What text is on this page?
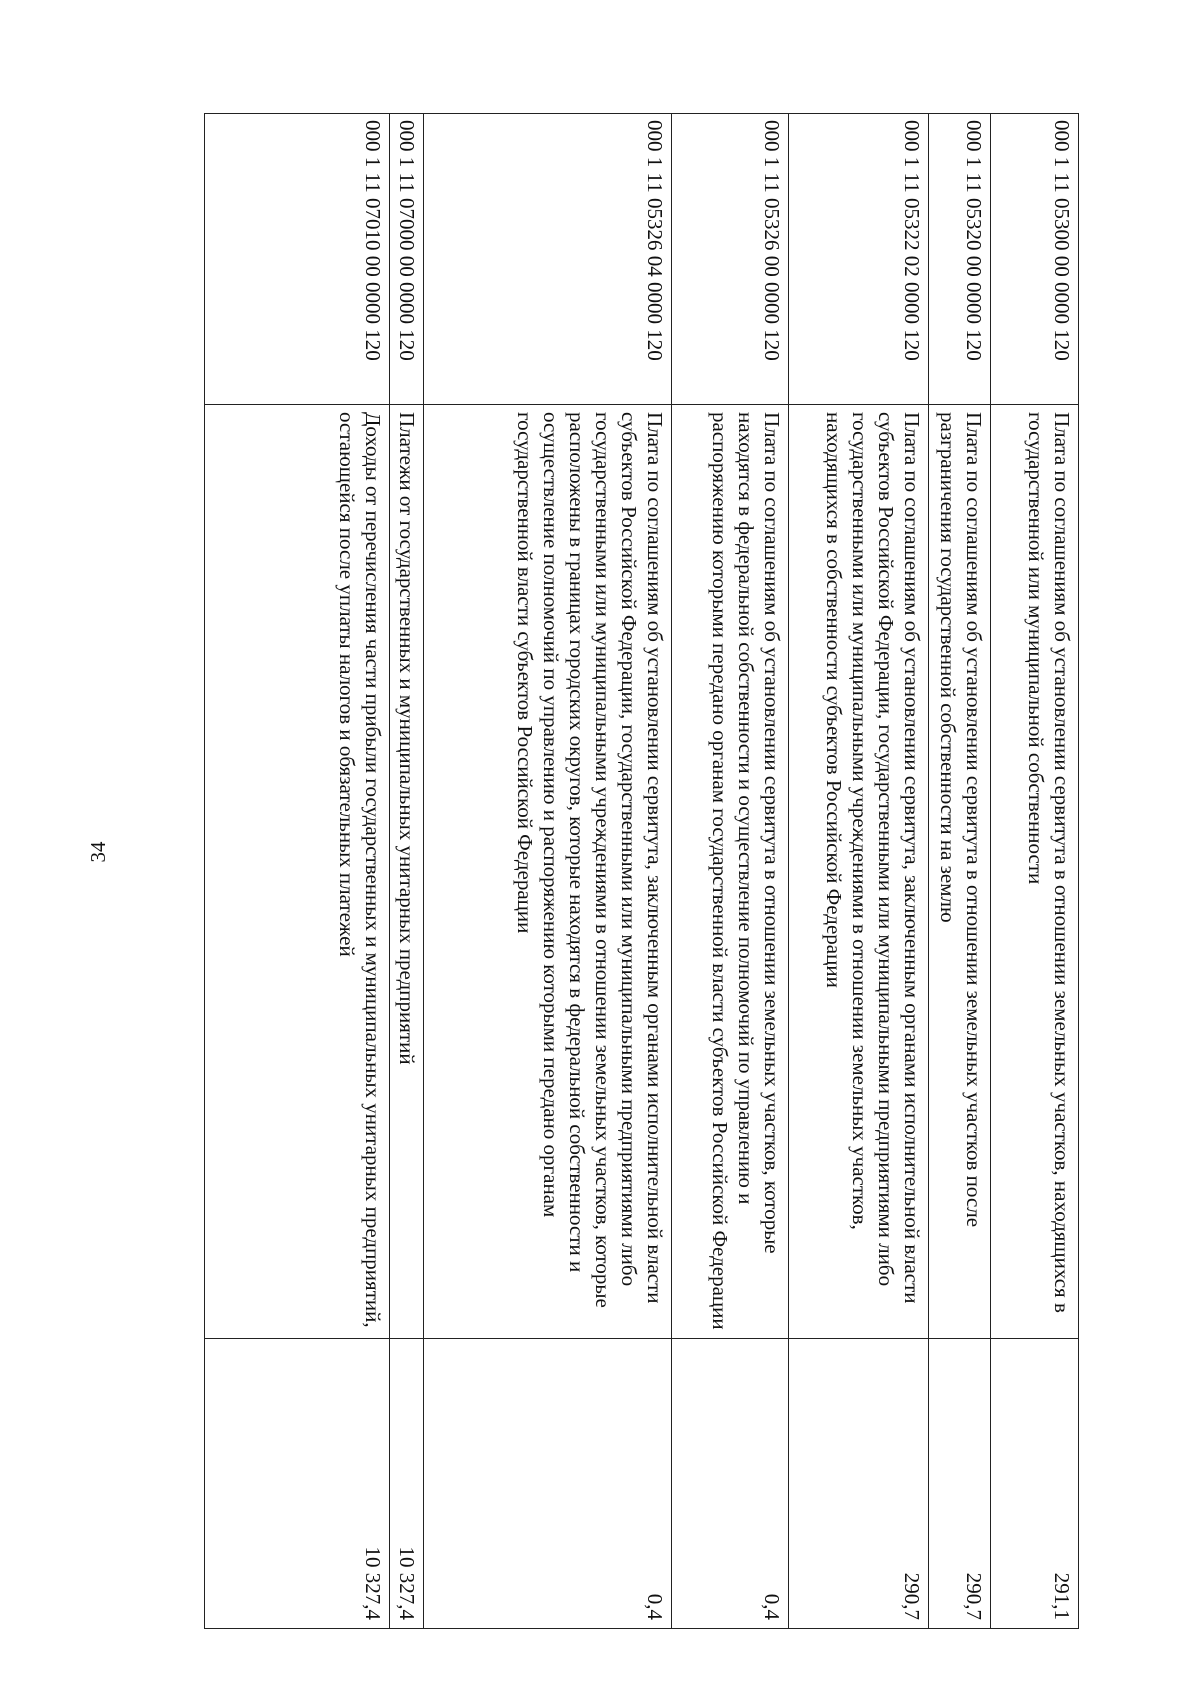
34
000 1 11 05300 00 0000 120	Плата по соглашениям об установлении сервитута в отношении земельных участков, находящихся в государственной или муниципальной собственности	291,1
000 1 11 05320 00 0000 120	Плата по соглашениям об установлении сервитута в отношении земельных участков после разграничения государственной собственности на землю	290,7
000 1 11 05322 02 0000 120	Плата по соглашениям об установлении сервитута, заключенным органами исполнительной власти субъектов Российской Федерации, государственными или муниципальными предприятиями либо государственными или муниципальными учреждениями в отношении земельных участков, находящихся в собственности субъектов Российской Федерации	290,7
000 1 11 05326 00 0000 120	Плата по соглашениям об установлении сервитута в отношении земельных участков, которые находятся в федеральной собственности и осуществление полномочий по управлению и распоряжению которыми передано органам государственной власти субъектов Российской Федерации	0,4
000 1 11 05326 04 0000 120	Плата по соглашениям об установлении сервитута, заключенным органами исполнительной власти субъектов Российской Федерации, государственными или муниципальными предприятиями либо государственными или муниципальными учреждениями в отношении земельных участков, которые расположены в границах городских округов, которые находятся в федеральной собственности и осуществление полномочий по управлению и распоряжению которыми передано органам государственной власти субъектов Российской Федерации	0,4
000 1 11 07000 00 0000 120	Платежи от государственных и муниципальных унитарных предприятий	10 327,4
000 1 11 07010 00 0000 120	Доходы от перечисления части прибыли государственных и муниципальных унитарных предприятий, остающейся после уплаты налогов и обязательных платежей	10 327,4
